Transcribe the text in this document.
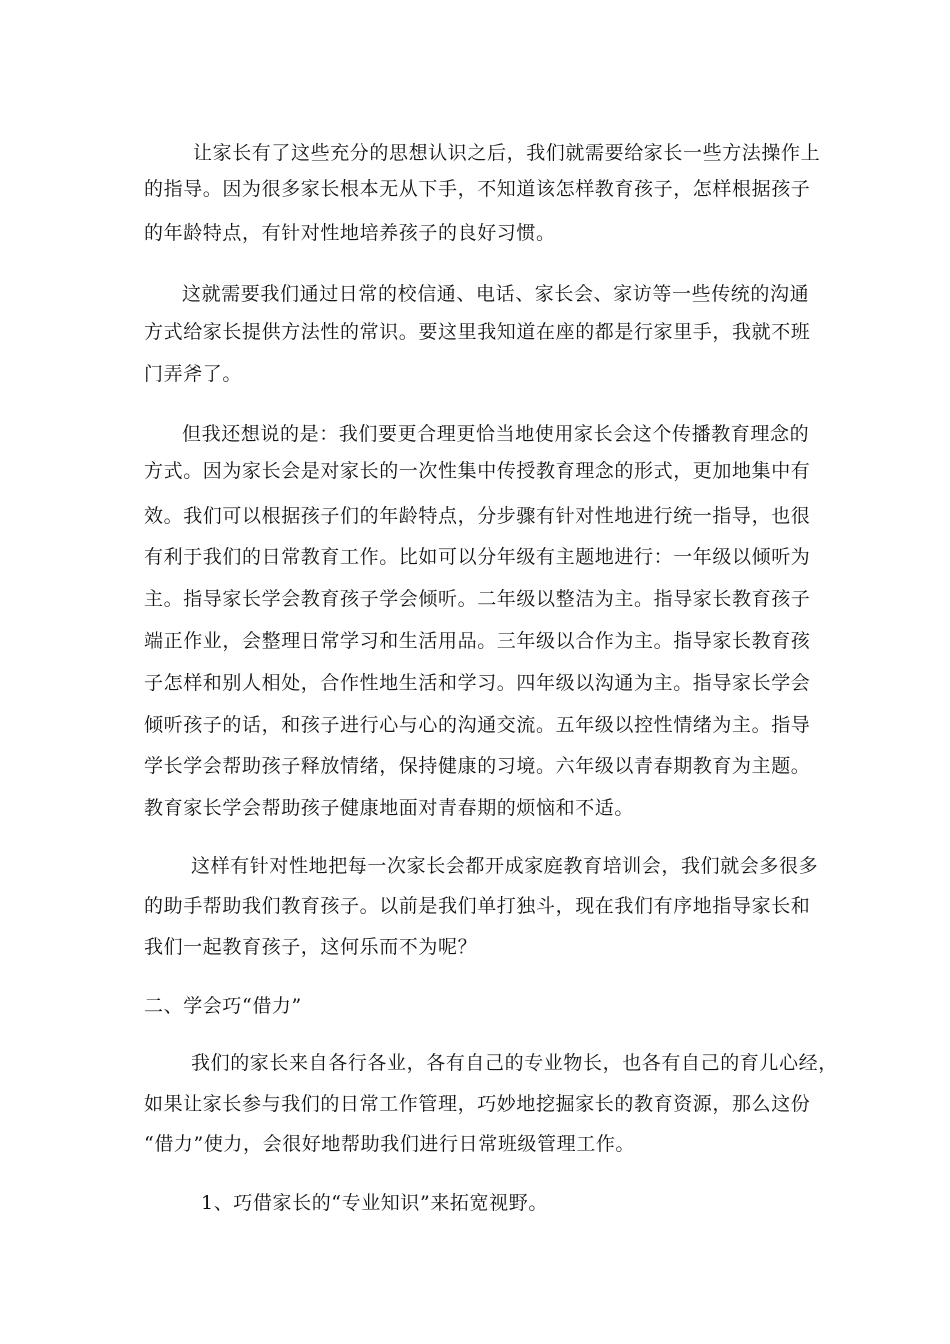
让家长有了这些充分的思想认识之后，我们就需要给家长一些方法操作上
的指导。因为很多家长根本无从下手，不知道该怎样教育孩子，怎样根据孩子
的年龄特点，有针对性地培养孩子的良好习惯。
这就需要我们通过日常的校信通、电话、家长会、家访等一些传统的沟通
方式给家长提供方法性的常识。要这里我知道在座的都是行家里手，我就不班
门弄斧了。
但我还想说的是：我们要更合理更恰当地使用家长会这个传播教育理念的
方式。因为家长会是对家长的一次性集中传授教育理念的形式，更加地集中有
效。我们可以根据孩子们的年龄特点，分步骤有针对性地进行统一指导，也很
有利于我们的日常教育工作。比如可以分年级有主题地进行：一年级以倾听为
主。指导家长学会教育孩子学会倾听。二年级以整洁为主。指导家长教育孩子
端正作业，会整理日常学习和生活用品。三年级以合作为主。指导家长教育孩
子怎样和别人相处，合作性地生活和学习。四年级以沟通为主。指导家长学会
倾听孩子的话，和孩子进行心与心的沟通交流。五年级以控性情绪为主。指导
学长学会帮助孩子释放情绪，保持健康的习境。六年级以青春期教育为主题。
教育家长学会帮助孩子健康地面对青春期的烦恼和不适。
这样有针对性地把每一次家长会都开成家庭教育培训会，我们就会多很多
的助手帮助我们教育孩子。以前是我们单打独斗，现在我们有序地指导家长和
我们一起教育孩子，这何乐而不为呢？
二、学会巧“借力”
我们的家长来自各行各业，各有自己的专业物长，也各有自己的育儿心经，
如果让家长参与我们的日常工作管理，巧妙地挖掘家长的教育资源，那么这份
“借力”使力，会很好地帮助我们进行日常班级管理工作。
1、巧借家长的“专业知识”来拓宽视野。
